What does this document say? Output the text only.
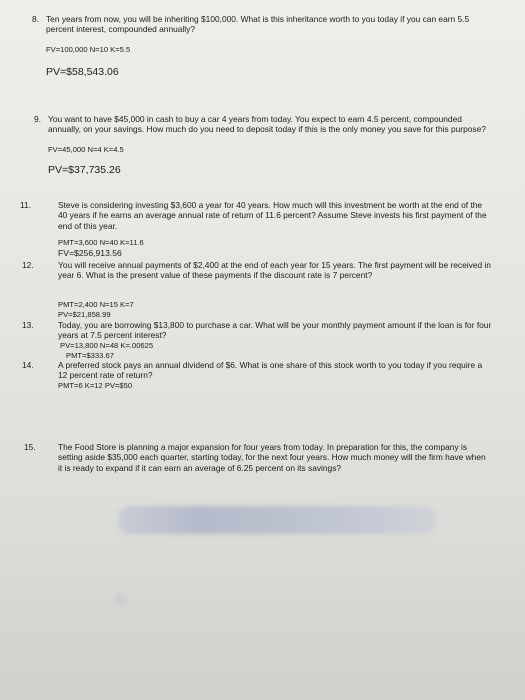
8. Ten years from now, you will be inheriting $100,000. What is this inheritance worth to you today if you can earn 5.5 percent interest, compounded annually?
FV=100,000 N=10 K=5.5
PV=$58,543.06
9. You want to have $45,000 in cash to buy a car 4 years from today. You expect to earn 4.5 percent, compounded annually, on your savings. How much do you need to deposit today if this is the only money you save for this purpose?
FV=45,000 N=4 K=4.5
PV=$37,735.26
11.	Steve is considering investing $3,600 a year for 40 years. How much will this investment be worth at the end of the 40 years if he earns an average annual rate of return of 11.6 percent? Assume Steve invests his first payment of the end of this year.
PMT=3,600 N=40 K=11.6
FV=$256,913.56
12.	You will receive annual payments of $2,400 at the end of each year for 15 years. The first payment will be received in year 6. What is the present value of these payments if the discount rate is 7 percent?
PMT=2,400 N=15 K=7
PV=$21,858.99
13.	Today, you are borrowing $13,800 to purchase a car. What will be your monthly payment amount if the loan is for four years at 7.5 percent interest?
PV=13,800 N=48 K=.00625
PMT=$333.67
14.	A preferred stock pays an annual dividend of $6. What is one share of this stock worth to you today if you require a 12 percent rate of return?
PMT=6 K=12 PV=$50
15.	The Food Store is planning a major expansion for four years from today. In preparation for this, the company is setting aside $35,000 each quarter, starting today, for the next four years. How much money will the firm have when it is ready to expand if it can earn an average of 6.25 percent on its savings?
